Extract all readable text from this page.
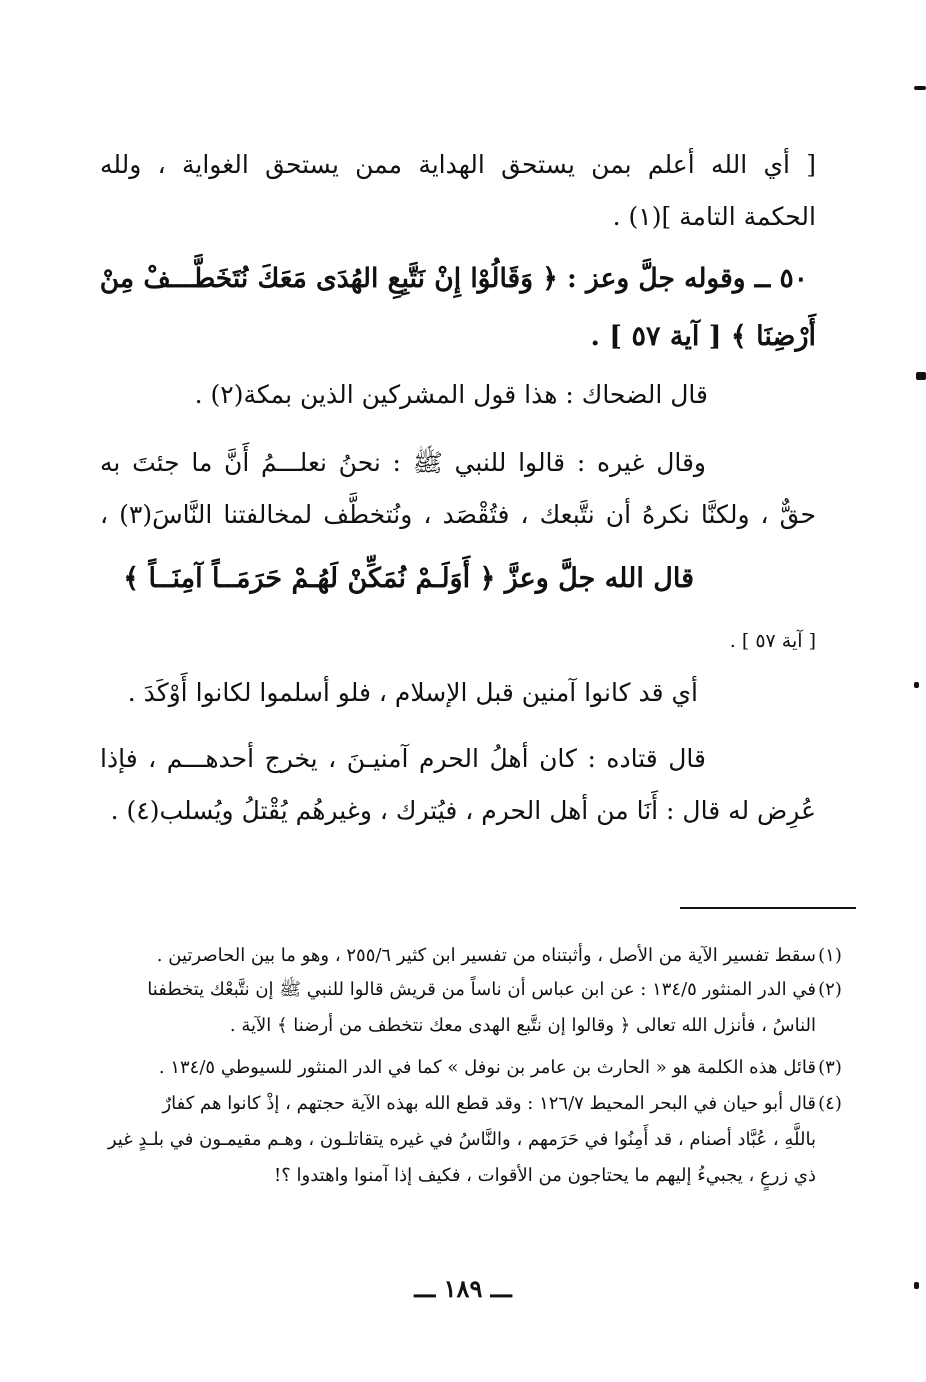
[ أي الله أعلم بمن يستحق الهداية ممن يستحق الغواية ، ولله
الحكمة التامة ](١) .
٥٠ ــ وقوله جلَّ وعز : ﴿ وَقَالُوْا إِنْ نَتَّبِعِ الهُدَى مَعَكَ نُتَخَطَّـــفْ مِنْ
أَرْضِنَا ﴾ [ آية ٥٧ ] .
قال الضحاك : هذا قول المشركين الذين بمكة(٢) .
وقال غيره : قالوا للنبي ﷺ : نحنُ نعلـــمُ أَنَّ ما جئتَ به
حقٌّ ، ولكنَّا نكرهُ أن نتَّبعك ، فتُقْصَد ، ونُتخطَّف لمخالفتنا النَّاسَ(٣) ،
قال الله جلَّ وعزَّ ﴿ أَوَلَـمْ نُمَكِّنْ لَهُـمْ حَرَمَــاً آمِنَــاً ﴾
[ آية ٥٧ ] .
أي قد كانوا آمنين قبل الإسلام ، فلو أسلموا لكانوا أَوْكَدَ .
قال قتاده : كان أهلُ الحرم آمنيـنَ ، يخرج أحدهـــم ، فإذا
عُرِض له قال : أَنَا من أهل الحرم ، فيُترك ، وغيرهُم يُقْتلُ ويُسلب(٤) .
(١)
سقط تفسير الآية من الأصل ، وأثبتناه من تفسير ابن كثير ٢٥٥/٦ ، وهو ما بين الحاصرتين .
(٢)
في الدر المنثور ١٣٤/٥ : عن ابن عباس أن ناساً من قريش قالوا للنبي ﷺ إن نتَّبعْك يتخطفنا
الناسُ ، فأنزل الله تعالى ﴿ وقالوا إن نتَّبع الهدى معك نتخطف من أرضنا ﴾ الآية .
(٣)
قائل هذه الكلمة هو « الحارث بن عامر بن نوفل » كما في الدر المنثور للسيوطي ١٣٤/٥ .
(٤)
قال أبو حيان في البحر المحيط ١٢٦/٧ : وقد قطع الله بهذه الآية حجتهم ، إذْ كانوا هم كفارٌ
باللَّهِ ، عُبَّاد أصنام ، قد أَمِنُوا في حَرَمهم ، والنَّاسُ في غيره يتقاتلـون ، وهـم مقيمـون في بلـدٍ غير
ذي زرعٍ ، يجبيءُ إليهم ما يحتاجون من الأقوات ، فكيف إذا آمنوا واهتدوا ؟!
ـــ ١٨٩ ـــ
